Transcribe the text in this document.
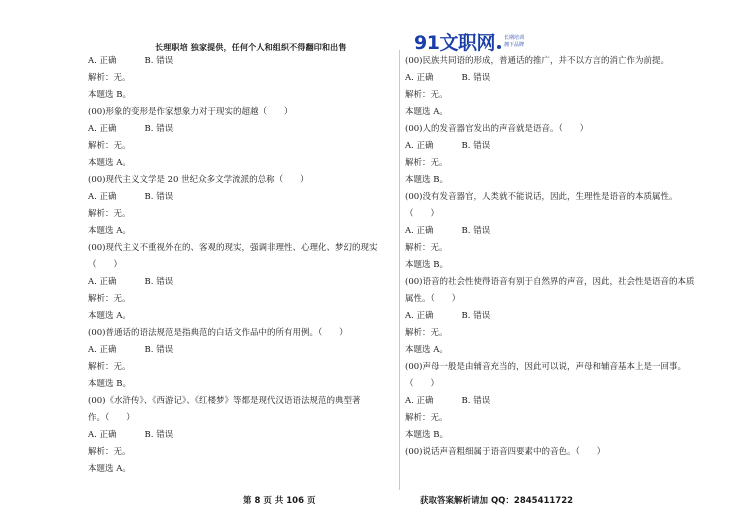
长理职培 独家提供，任何个人和组织不得翻印和出售	91文职网 长期培训
拥下品牌
A. 正确	B. 错误
解析：无。
本题选 B。
(00)形象的变形是作家想象力对于现实的超越（　　）
A. 正确	B. 错误
解析：无。
本题选 A。
(00)现代主义文学是 20 世纪众多文学流派的总称（　　）
A. 正确	B. 错误
解析：无。
本题选 A。
(00)现代主义不重视外在的、客观的现实，强调非理性、心理化、梦幻的现实
（　　）
A. 正确	B. 错误
解析：无。
本题选 A。
(00)普通话的语法规范是指典范的白话文作品中的所有用例。（　　）
A. 正确	B. 错误
解析：无。
本题选 B。
(00)《水浒传》、《西游记》、《红楼梦》等都是现代汉语语法规范的典型著
作。（　　）
A. 正确	B. 错误
解析：无。
本题选 A。
(00)民族共同语的形成，普通话的推广，并不以方言的消亡作为前提。
A. 正确	B. 错误
解析：无。
本题选 A。
(00)人的发音器官发出的声音就是语音。（　　）
A. 正确	B. 错误
解析：无。
本题选 B。
(00)没有发音器官，人类就不能说话，因此，生理性是语音的本质属性。
（　　）
A. 正确	B. 错误
解析：无。
本题选 B。
(00)语音的社会性使得语音有别于自然界的声音，因此，社会性是语音的本质
属性。（　　）
A. 正确	B. 错误
解析：无。
本题选 A。
(00)声母一般是由辅音充当的，因此可以说，声母和辅音基本上是一回事。
（　　）
A. 正确	B. 错误
解析：无。
本题选 B。
(00)说话声音粗细属于语音四要素中的音色。（　　）
第 8 页 共 106 页	获取答案解析请加 QQ：2845411722
